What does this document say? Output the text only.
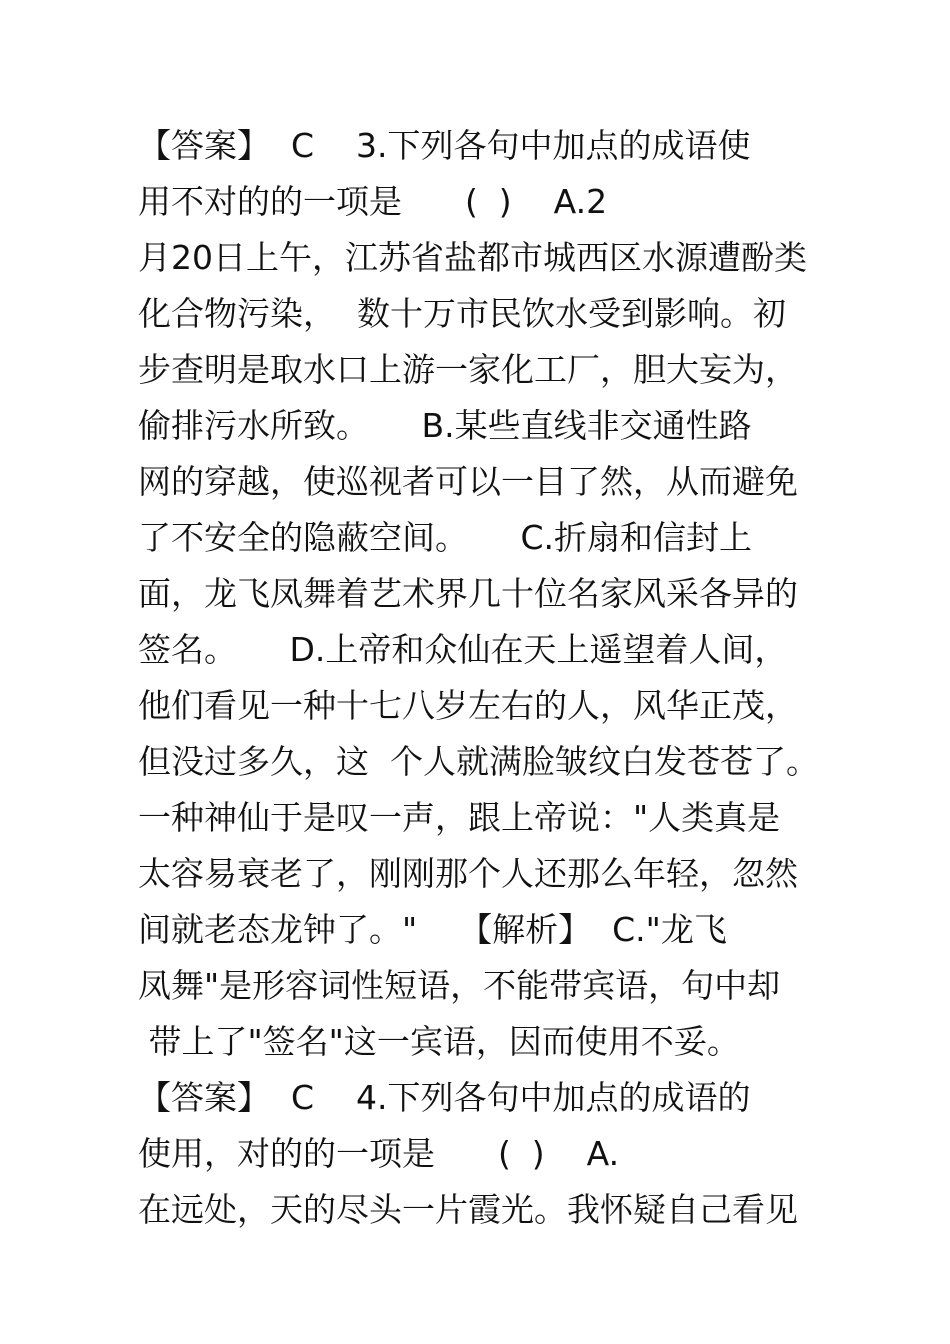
【答案】  C    3.下列各句中加点的成语使
用不对的的一项是      (  )    A.2
月20日上午，江苏省盐都市城西区水源遭酚类
化合物污染，  数十万市民饮水受到影响。初
步查明是取水口上游一家化工厂，胆大妄为，
偷排污水所致。     B.某些直线非交通性路
网的穿越，使巡视者可以一目了然，从而避免
了不安全的隐蔽空间。     C.折扇和信封上
面，龙飞凤舞着艺术界几十位名家风采各异的
签名。     D.上帝和众仙在天上遥望着人间，
他们看见一种十七八岁左右的人，风华正茂，
但没过多久，这  个人就满脸皱纹白发苍苍了。
一种神仙于是叹一声，跟上帝说："人类真是
太容易衰老了，刚刚那个人还那么年轻，忽然
间就老态龙钟了。"    【解析】  C."龙飞
凤舞"是形容词性短语，不能带宾语，句中却
带上了"签名"这一宾语，因而使用不妥。
【答案】  C    4.下列各句中加点的成语的
使用，对的的一项是      (  )    A.
在远处，天的尽头一片霞光。我怀疑自己看见
